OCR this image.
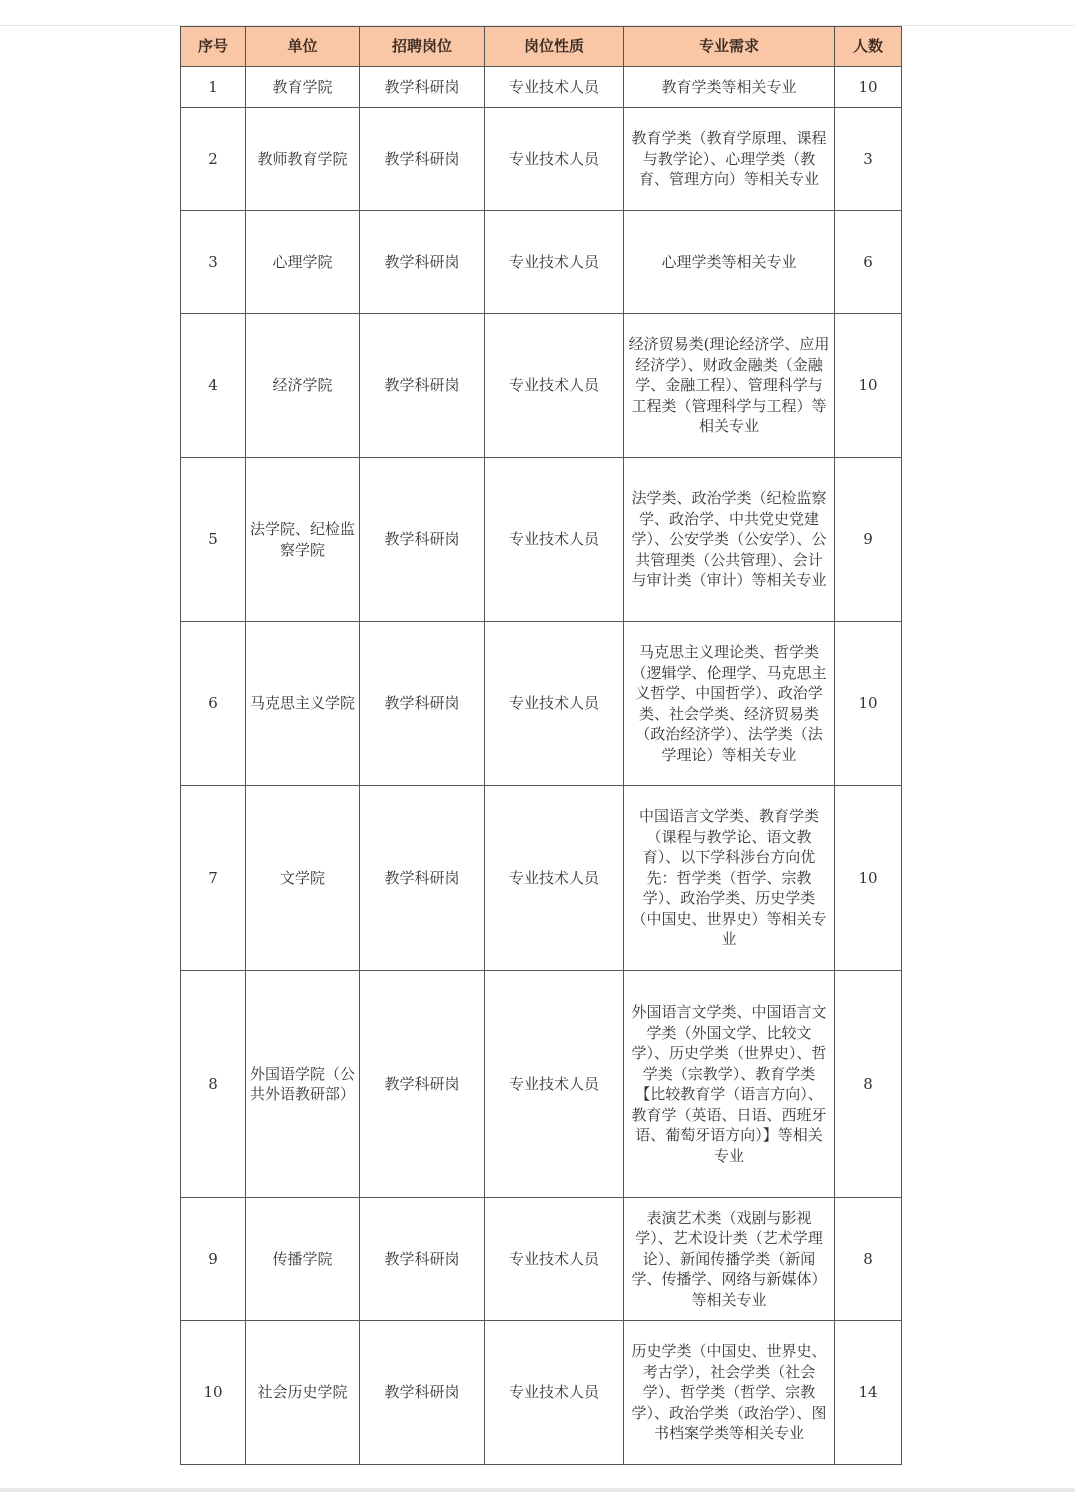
序号	单位	招聘岗位	岗位性质	专业需求	人数
1	教育学院	教学科研岗	专业技术人员	教育学类等相关专业	10
2	教师教育学院	教学科研岗	专业技术人员	教育学类（教育学原理、课程与教学论）、心理学类（教育、管理方向）等相关专业	3
3	心理学院	教学科研岗	专业技术人员	心理学类等相关专业	6
4	经济学院	教学科研岗	专业技术人员	经济贸易类(理论经济学、应用经济学）、财政金融类（金融学、金融工程）、管理科学与工程类（管理科学与工程）等相关专业	10
5	法学院、纪检监察学院	教学科研岗	专业技术人员	法学类、政治学类（纪检监察学、政治学、中共党史党建学）、公安学类（公安学）、公共管理类（公共管理）、会计与审计类（审计）等相关专业	9
6	马克思主义学院	教学科研岗	专业技术人员	马克思主义理论类、哲学类（逻辑学、伦理学、马克思主义哲学、中国哲学）、政治学类、社会学类、经济贸易类（政治经济学）、法学类（法学理论）等相关专业	10
7	文学院	教学科研岗	专业技术人员	中国语言文学类、教育学类（课程与教学论、语文教育）、以下学科涉台方向优先：哲学类（哲学、宗教学）、政治学类、历史学类（中国史、世界史）等相关专业	10
8	外国语学院（公共外语教研部）	教学科研岗	专业技术人员	外国语言文学类、中国语言文学类（外国文学、比较文学）、历史学类（世界史）、哲学类（宗教学）、教育学类【比较教育学（语言方向）、教育学（英语、日语、西班牙语、葡萄牙语方向）】等相关专业	8
9	传播学院	教学科研岗	专业技术人员	表演艺术类（戏剧与影视学）、艺术设计类（艺术学理论）、新闻传播学类（新闻学、传播学、网络与新媒体）等相关专业	8
10	社会历史学院	教学科研岗	专业技术人员	历史学类（中国史、世界史、考古学），社会学类（社会学）、哲学类（哲学、宗教学）、政治学类（政治学）、图书档案学类等相关专业	14
